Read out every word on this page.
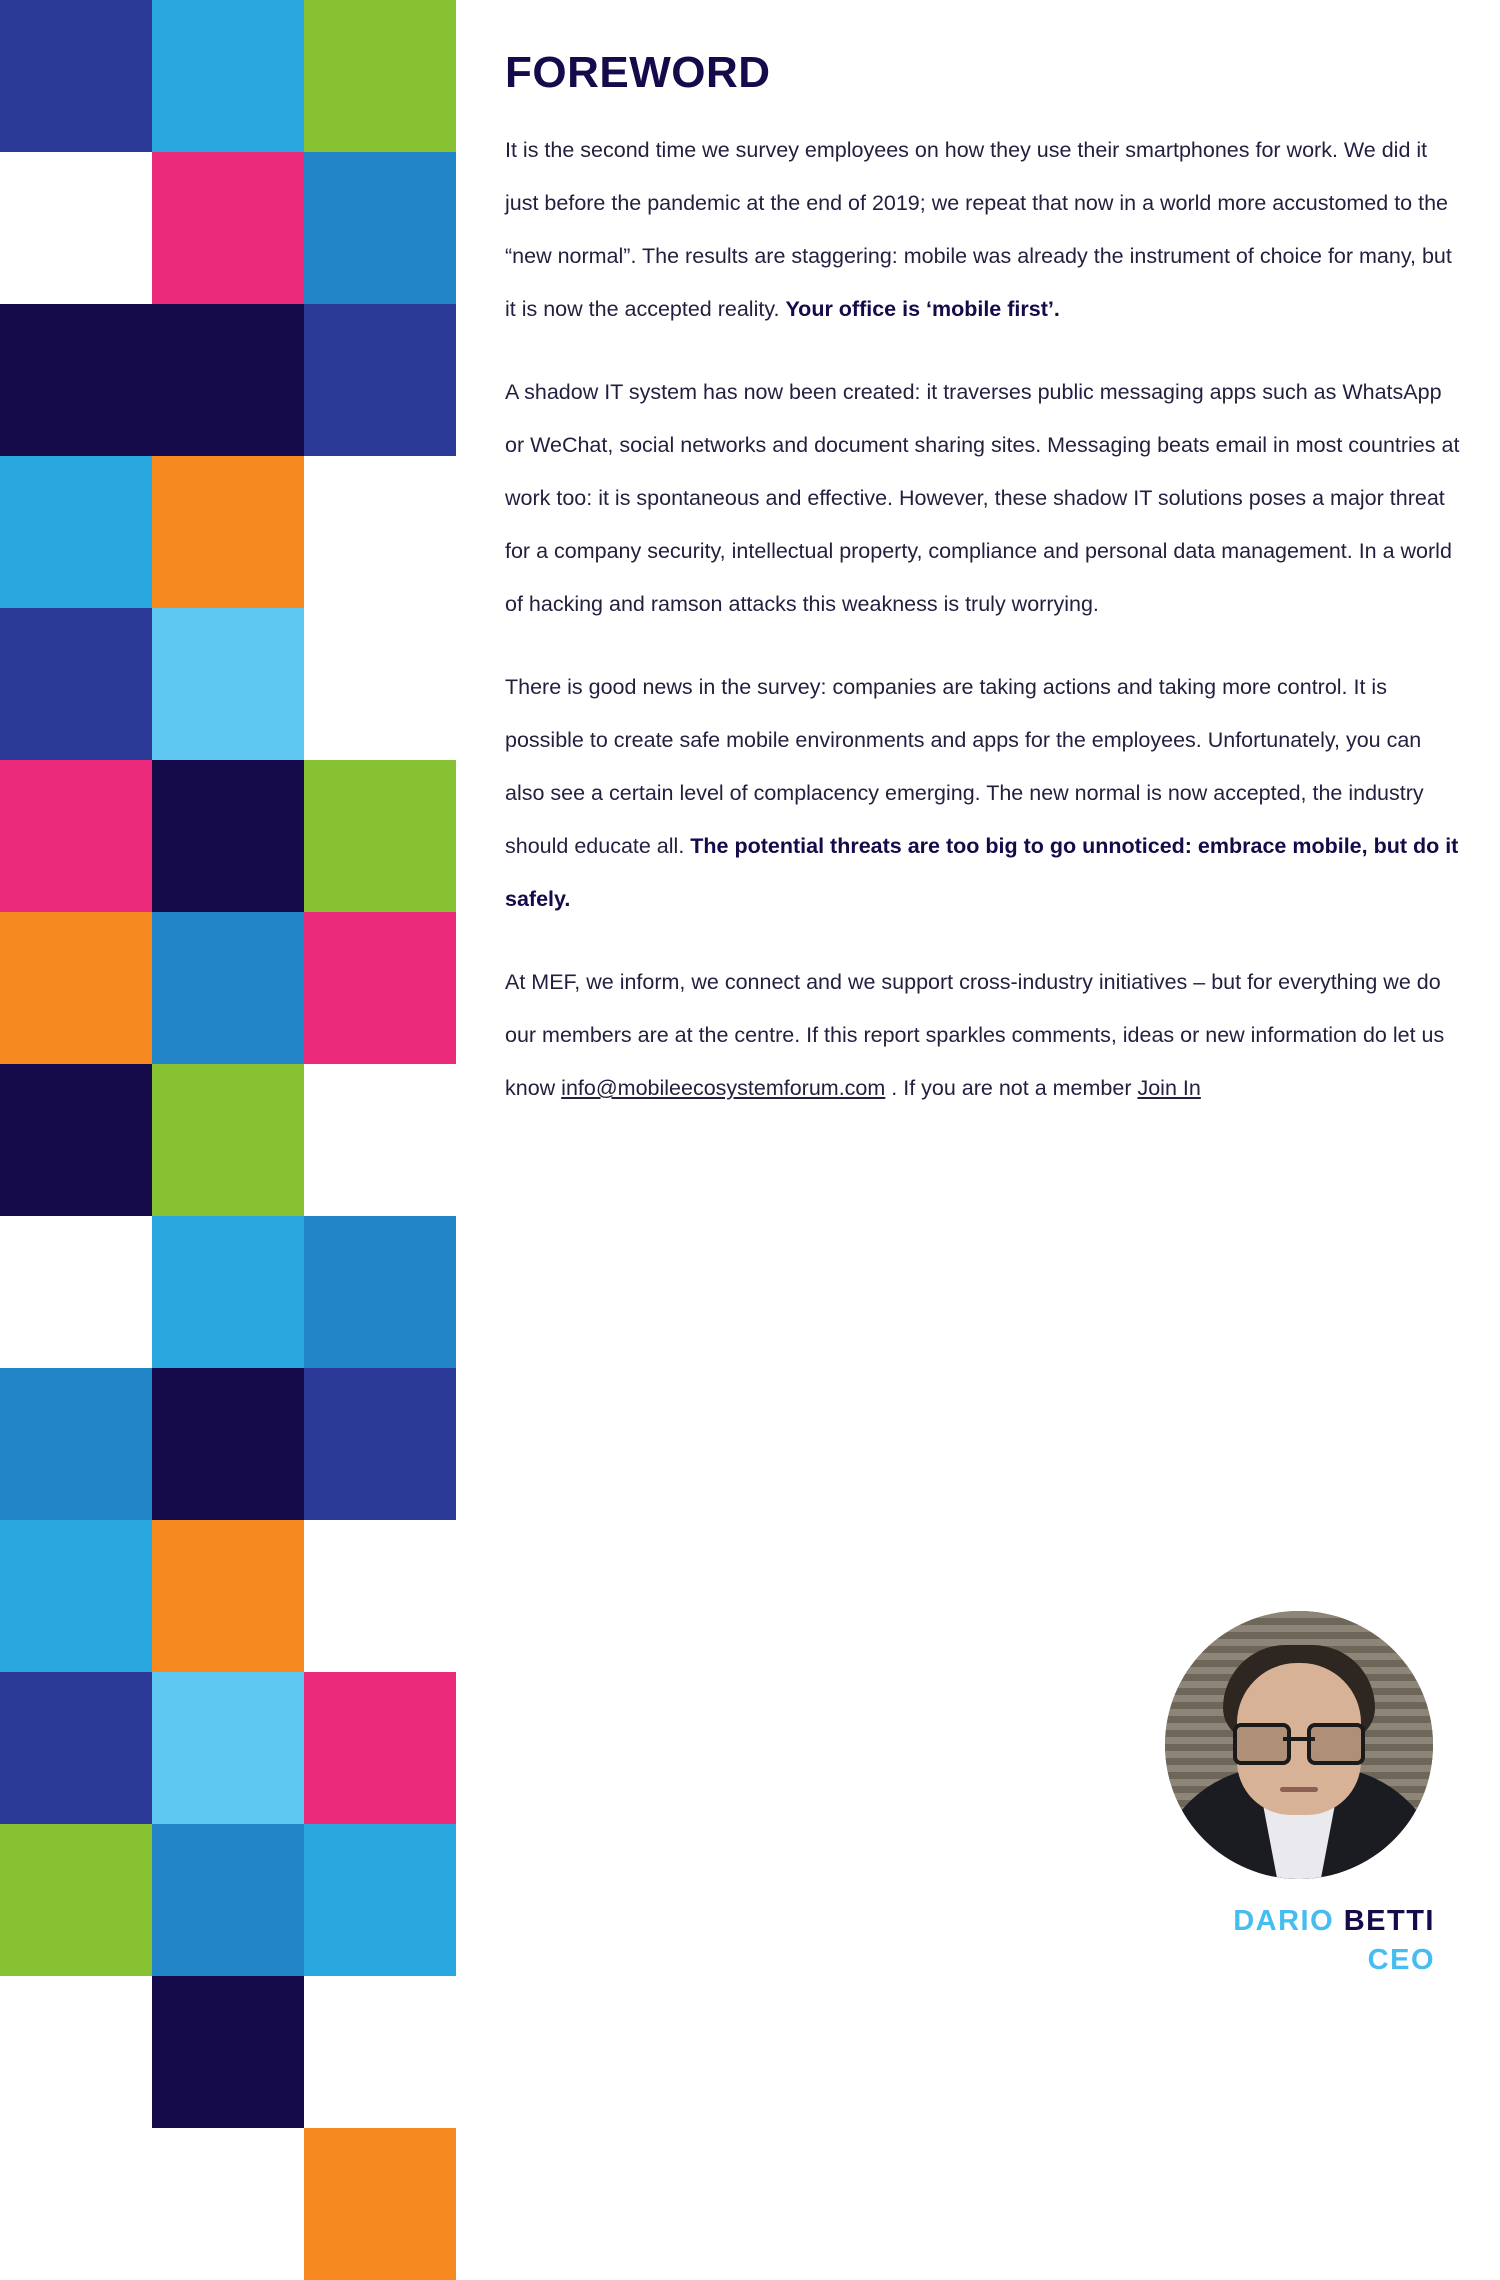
FOREWORD

It is the second time we survey employees on how they use their smartphones for work. We did it just before the pandemic at the end of 2019; we repeat that now in a world more accustomed to the “new normal”. The results are staggering: mobile was already the instrument of choice for many, but it is now the accepted reality. Your office is ‘mobile first’.

A shadow IT system has now been created: it traverses public messaging apps such as WhatsApp or WeChat, social networks and document sharing sites. Messaging beats email in most countries at work too: it is spontaneous and effective. However, these shadow IT solutions poses a major threat for a company security, intellectual property, compliance and personal data management. In a world of hacking and ramson attacks this weakness is truly worrying.

There is good news in the survey: companies are taking actions and taking more control. It is possible to create safe mobile environments and apps for the employees. Unfortunately, you can also see a certain level of complacency emerging. The new normal is now accepted, the industry should educate all. The potential threats are too big to go unnoticed: embrace mobile, but do it safely.

At MEF, we inform, we connect and we support cross-industry initiatives – but for everything we do our members are at the centre. If this report sparkles comments, ideas or new information do let us know info@mobileecosystemforum.com . If you are not a member Join In

DARIO BETTI
CEO
